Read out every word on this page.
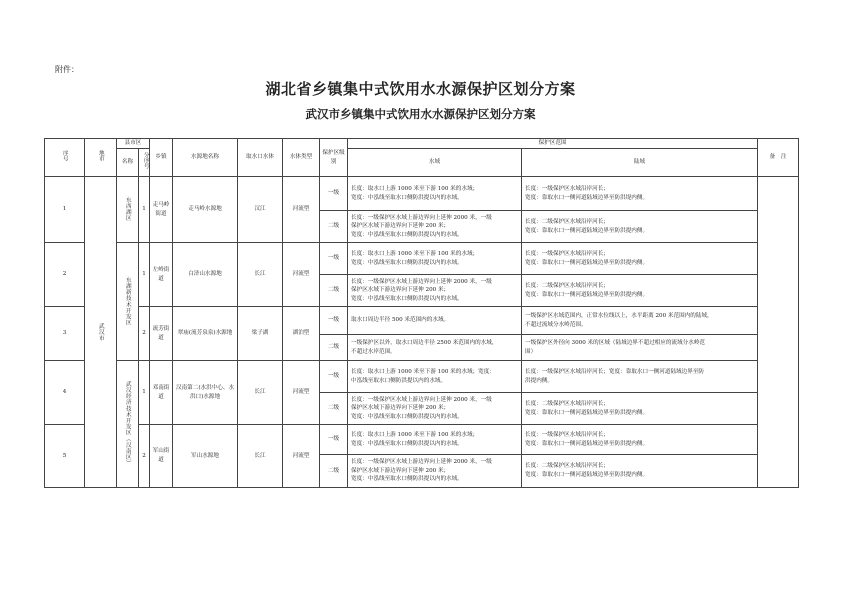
附件：
湖北省乡镇集中式饮用水水源保护区划分方案
武汉市乡镇集中式饮用水水源保护区划分方案
序号	地市	县市区		乡镇	水源地名称	取水口水体	水体类型	保护区级别	保护区范围		备　注
		名称	分序号						水域	陆域	

1	武汉市	东西湖区	1	走马岭街道	走马岭水源地	汉江	河流型	一级	长度：取水口上游 1000 米至下游 100 米的水域；
宽度：中泓线至取水口侧防洪提以内的水域。	长度：一级保护区水域沿岸河长；
宽度：靠取水口一侧河道陆域边界至防洪堤内侧。	
								二级	长度：一级保护区水域上游边界向上延伸 2000 米，一级
保护区水域下游边界向下延伸 200 米；
宽度：中泓线至取水口侧防洪提以内的水域。	长度：二级保护区水域沿岸河长；
宽度：靠取水口一侧河道陆域边界至防洪提内侧。	
2		东湖新技术开发区	1	左岭街道	白浒山水源地	长江	河流型	一级	长度：取水口上游 1000 米至下游 100 米的水域；
宽度：中泓线至取水口侧防洪提以内的水域。	长度：一级保护区水域沿岸河长；
宽度：靠取水口一侧河道陆域边界至防洪提内侧。	
								二级	长度：一级保护区水域上游边界向上延伸 2000 米，一级
保护区水域下游边界向下延伸 200 米；
宽度：中泓线至取水口侧防洪提以内的水域。	长度：二级保护区水域沿岸河长；
宽度：靠取水口一侧河道陆域边界至防洪提内侧。	
3			2	流芳街道	翠庙(流芳泉泉)水源地	梁子湖	湖泊型	一级	取水口周边半径 500 米范围内的水域。	一级保护区水域范围内，正常水位线以上，水平距离 200 米范围内的陆域，
不超过流域分水岭范围。	
								二级	一级保护区以外，取水口周边半径 2500 米范围内的水域，
不超过水岸范围。	一级保护区外径向 3000 米的区域（陆域边界不超过相应的流域分水岭范
围）	
4		武汉经济技术开发区（汉南区）	1	邓南街道	汉南第二(水洪中心、水洪口)水源地	长江	河流型	一级	长度：取水口上游 1000 米至下游 100 米的水域；宽度：
中泓线至取水口侧防洪提以内的水域。	长度：一级保护区水域沿岸河长；宽度：靠取水口一侧河道陆域边界至防
洪提内侧。	
								二级	长度：一级保护区水域上游边界向上延伸 2000 米，一级
保护区水域下游边界向下延伸 200 米；
宽度：中泓线至取水口侧防洪提以内的水域。	长度：二级保护区水域沿岸河长；
宽度：靠取水口一侧河道陆域边界至防洪提内侧。	
5			2	军山街道	军山水源地	长江	河流型	一级	长度：取水口上游 1000 米至下游 100 米的水域；
宽度：中泓线至取水口侧防洪提以内的水域。	长度：一级保护区水域沿岸河长；
宽度：靠取水口一侧河道陆域边界至防洪提内侧。	
								二级	长度：一级保护区水域上游边界向上延伸 2000 米，一级
保护区水域下游边界向下延伸 200 米；
宽度：中泓线至取水口侧防洪提以内的水域。	长度：二级保护区水域沿岸河长；
宽度：靠取水口一侧河道陆域边界至防洪提内侧。	
